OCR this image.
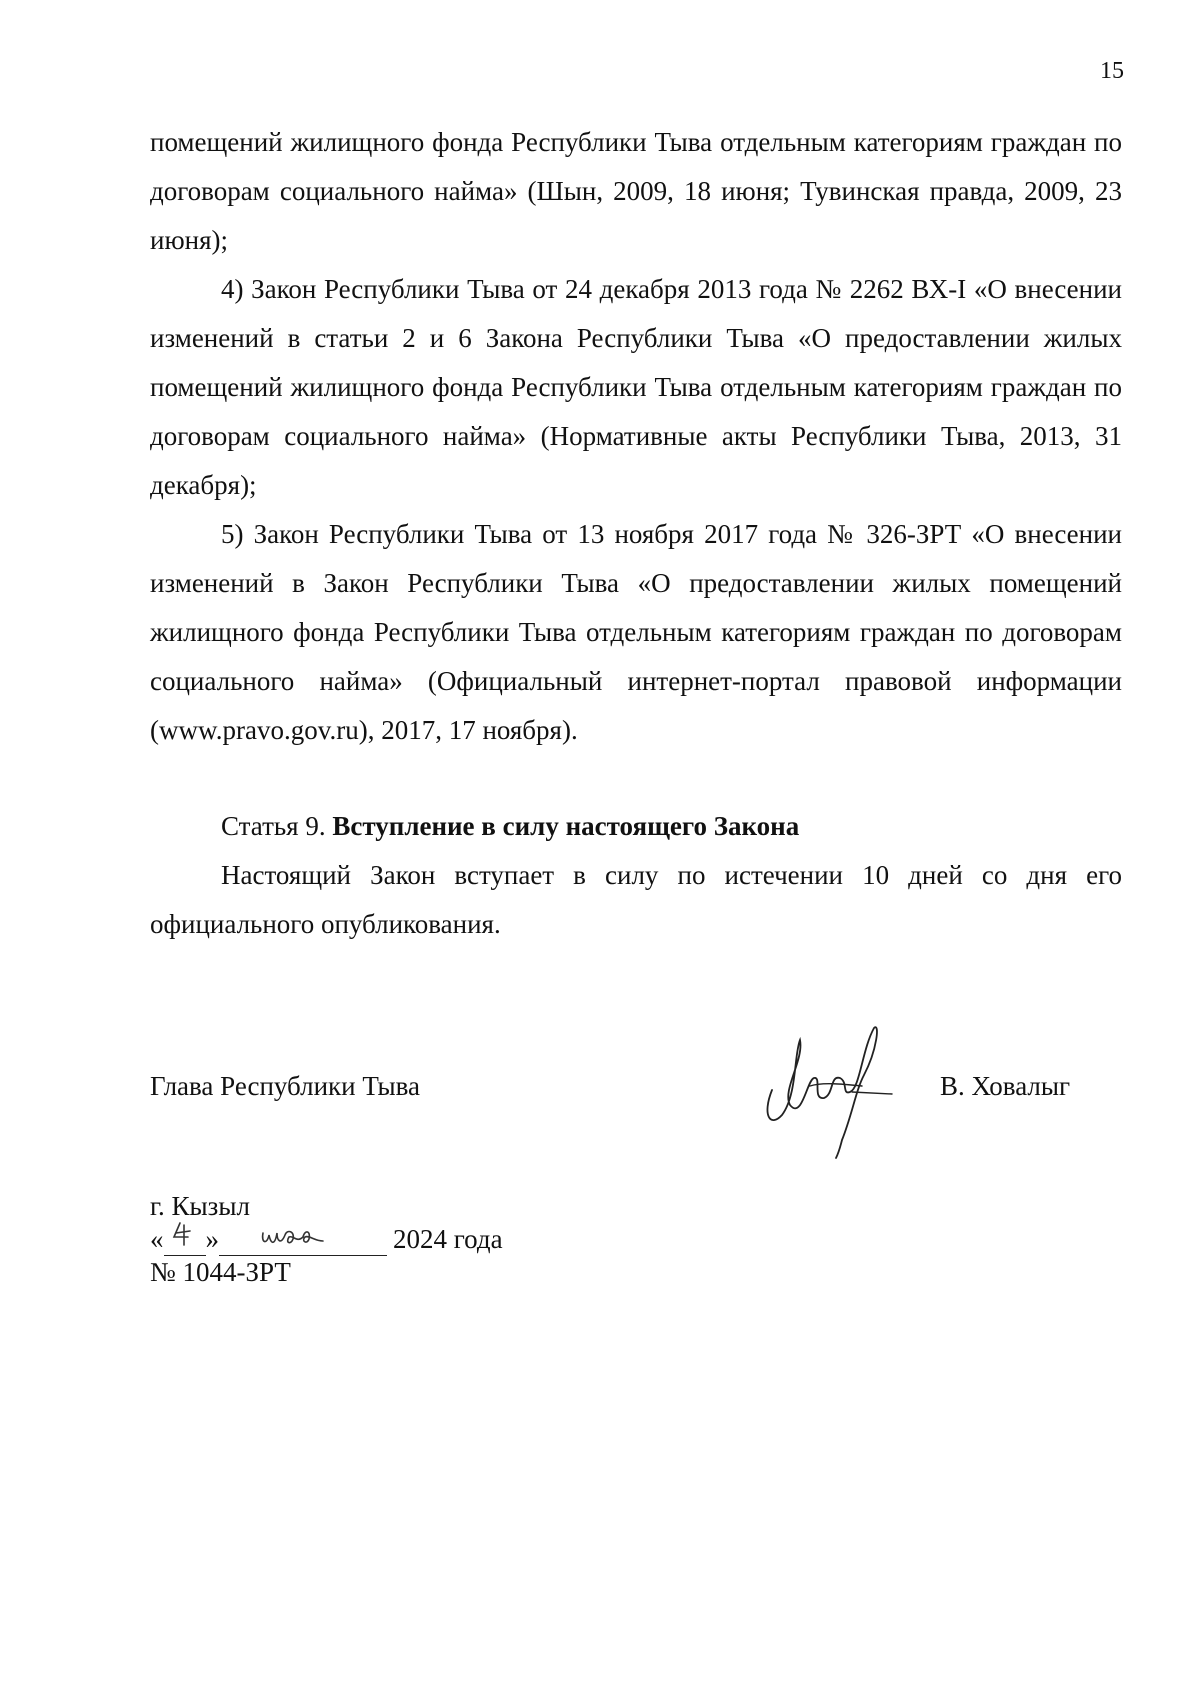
15

помещений жилищного фонда Республики Тыва отдельным категориям граждан по договорам социального найма» (Шын, 2009, 18 июня; Тувинская правда, 2009, 23 июня);

4) Закон Республики Тыва от 24 декабря 2013 года № 2262 ВХ-I «О внесении изменений в статьи 2 и 6 Закона Республики Тыва «О предоставлении жилых помещений жилищного фонда Республики Тыва отдельным категориям граждан по договорам социального найма» (Нормативные акты Республики Тыва, 2013, 31 декабря);

5) Закон Республики Тыва от 13 ноября 2017 года № 326-ЗРТ «О внесении изменений в Закон Республики Тыва «О предоставлении жилых помещений жилищного фонда Республики Тыва отдельным категориям граждан по договорам социального найма» (Официальный интернет-портал правовой информации (www.pravo.gov.ru), 2017, 17 ноября).

Статья 9. Вступление в силу настоящего Закона

Настоящий Закон вступает в силу по истечении 10 дней со дня его официального опубликования.

Глава Республики Тыва	В. Ховалыг
г. Кызыл
« »	2024 года
№ 1044-ЗРТ
